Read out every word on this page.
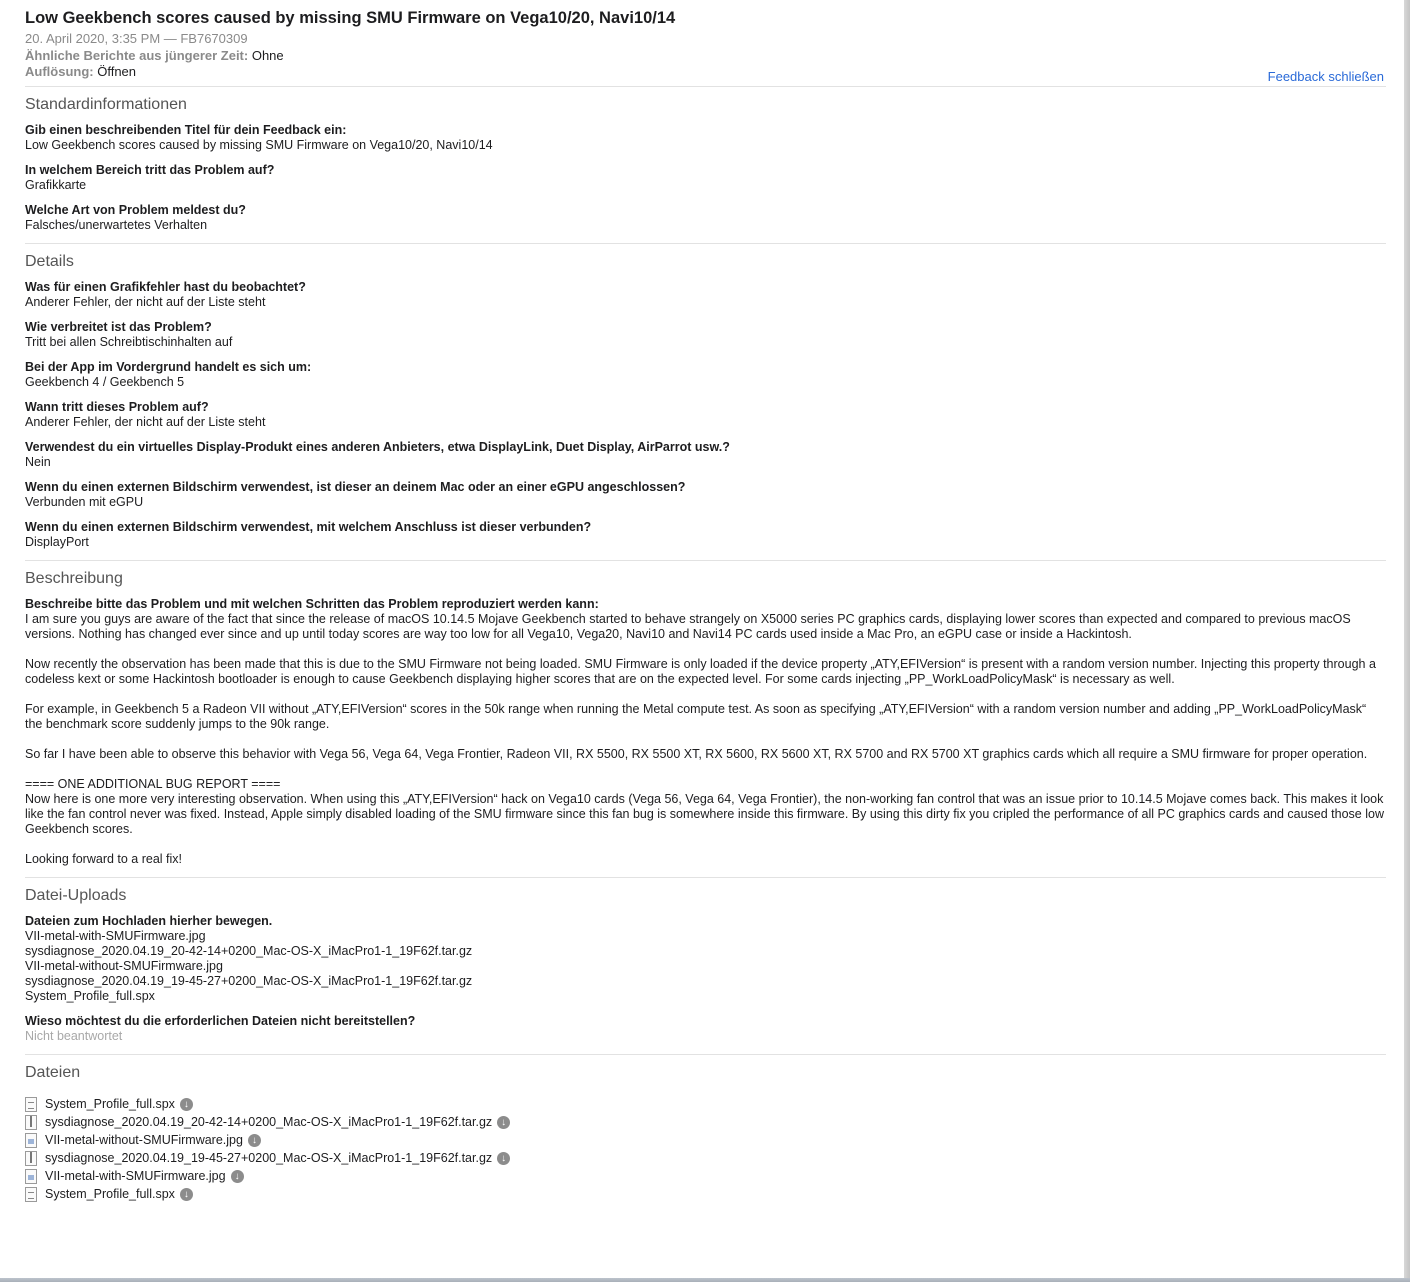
Low Geekbench scores caused by missing SMU Firmware on Vega10/20, Navi10/14
20. April 2020, 3:35 PM — FB7670309
Ähnliche Berichte aus jüngerer Zeit: Ohne
Auflösung: Öffnen	Feedback schließen
Standardinformationen
Gib einen beschreibenden Titel für dein Feedback ein:
Low Geekbench scores caused by missing SMU Firmware on Vega10/20, Navi10/14
In welchem Bereich tritt das Problem auf?
Grafikkarte
Welche Art von Problem meldest du?
Falsches/unerwartetes Verhalten
Details
Was für einen Grafikfehler hast du beobachtet?
Anderer Fehler, der nicht auf der Liste steht
Wie verbreitet ist das Problem?
Tritt bei allen Schreibtischinhalten auf
Bei der App im Vordergrund handelt es sich um:
Geekbench 4 / Geekbench 5
Wann tritt dieses Problem auf?
Anderer Fehler, der nicht auf der Liste steht
Verwendest du ein virtuelles Display-Produkt eines anderen Anbieters, etwa DisplayLink, Duet Display, AirParrot usw.?
Nein
Wenn du einen externen Bildschirm verwendest, ist dieser an deinem Mac oder an einer eGPU angeschlossen?
Verbunden mit eGPU
Wenn du einen externen Bildschirm verwendest, mit welchem Anschluss ist dieser verbunden?
DisplayPort
Beschreibung
Beschreibe bitte das Problem und mit welchen Schritten das Problem reproduziert werden kann:

I am sure you guys are aware of the fact that since the release of macOS 10.14.5 Mojave Geekbench started to behave strangely on X5000 series PC graphics cards, displaying lower scores than expected and compared to previous macOS versions. Nothing has changed ever since and up until today scores are way too low for all Vega10, Vega20, Navi10 and Navi14 PC cards used inside a Mac Pro, an eGPU case or inside a Hackintosh.

Now recently the observation has been made that this is due to the SMU Firmware not being loaded. SMU Firmware is only loaded if the device property „ATY,EFIVersion“ is present with a random version number. Injecting this property through a codeless kext or some Hackintosh bootloader is enough to cause Geekbench displaying higher scores that are on the expected level. For some cards injecting „PP_WorkLoadPolicyMask“ is necessary as well.

For example, in Geekbench 5 a Radeon VII without „ATY,EFIVersion“ scores in the 50k range when running the Metal compute test. As soon as specifying „ATY,EFIVersion“ with a random version number and adding „PP_WorkLoadPolicyMask“ the benchmark score suddenly jumps to the 90k range.

So far I have been able to observe this behavior with Vega 56, Vega 64, Vega Frontier, Radeon VII, RX 5500, RX 5500 XT, RX 5600, RX 5600 XT, RX 5700 and RX 5700 XT graphics cards which all require a SMU firmware for proper operation.

==== ONE ADDITIONAL BUG REPORT ====
Now here is one more very interesting observation. When using this „ATY,EFIVersion“ hack on Vega10 cards (Vega 56, Vega 64, Vega Frontier), the non-working fan control that was an issue prior to 10.14.5 Mojave comes back. This makes it look like the fan control never was fixed. Instead, Apple simply disabled loading of the SMU firmware since this fan bug is somewhere inside this firmware. By using this dirty fix you cripled the performance of all PC graphics cards and caused those low Geekbench scores.

Looking forward to a real fix!

Datei-Uploads
Dateien zum Hochladen hierher bewegen.
VII-metal-with-SMUFirmware.jpg
sysdiagnose_2020.04.19_20-42-14+0200_Mac-OS-X_iMacPro1-1_19F62f.tar.gz
VII-metal-without-SMUFirmware.jpg
sysdiagnose_2020.04.19_19-45-27+0200_Mac-OS-X_iMacPro1-1_19F62f.tar.gz
System_Profile_full.spx
Wieso möchtest du die erforderlichen Dateien nicht bereitstellen?
Nicht beantwortet
Dateien
System_Profile_full.spx ↓
sysdiagnose_2020.04.19_20-42-14+0200_Mac-OS-X_iMacPro1-1_19F62f.tar.gz ↓
VII-metal-without-SMUFirmware.jpg ↓
sysdiagnose_2020.04.19_19-45-27+0200_Mac-OS-X_iMacPro1-1_19F62f.tar.gz ↓
VII-metal-with-SMUFirmware.jpg ↓
System_Profile_full.spx ↓
